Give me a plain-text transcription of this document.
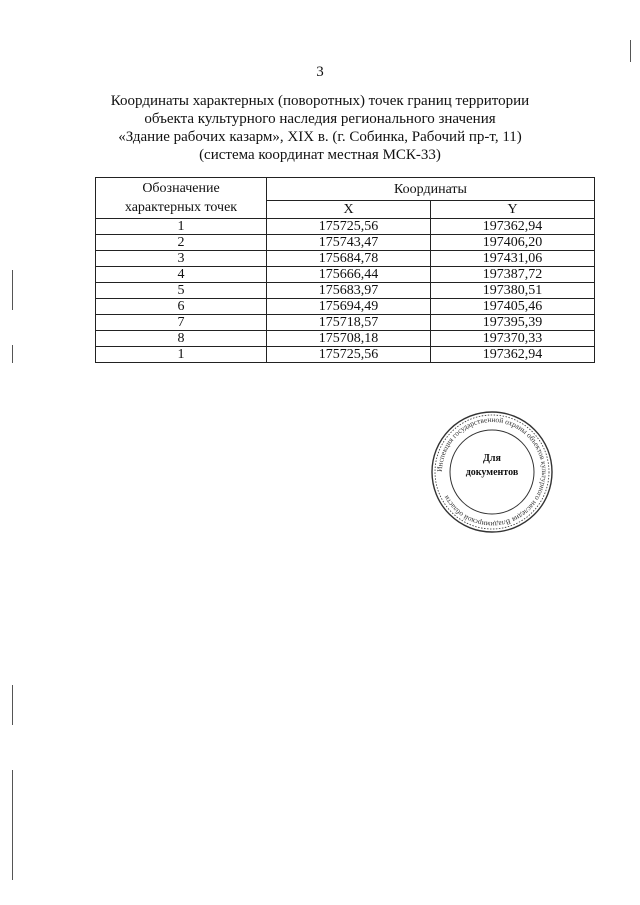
3
Координаты характерных (поворотных) точек границ территории
объекта культурного наследия регионального значения
«Здание рабочих казарм», XIX в. (г. Собинка, Рабочий пр-т, 11)
(система координат местная МСК-33)
Обозначение
характерных точек	Координаты	
	X	Y
1	175725,56	197362,94
2	175743,47	197406,20
3	175684,78	197431,06
4	175666,44	197387,72
5	175683,97	197380,51
6	175694,49	197405,46
7	175718,57	197395,39
8	175708,18	197370,33
1	175725,56	197362,94
Инспекция государственной охраны объектов культурного наследия Владимирской области
Для
документов
